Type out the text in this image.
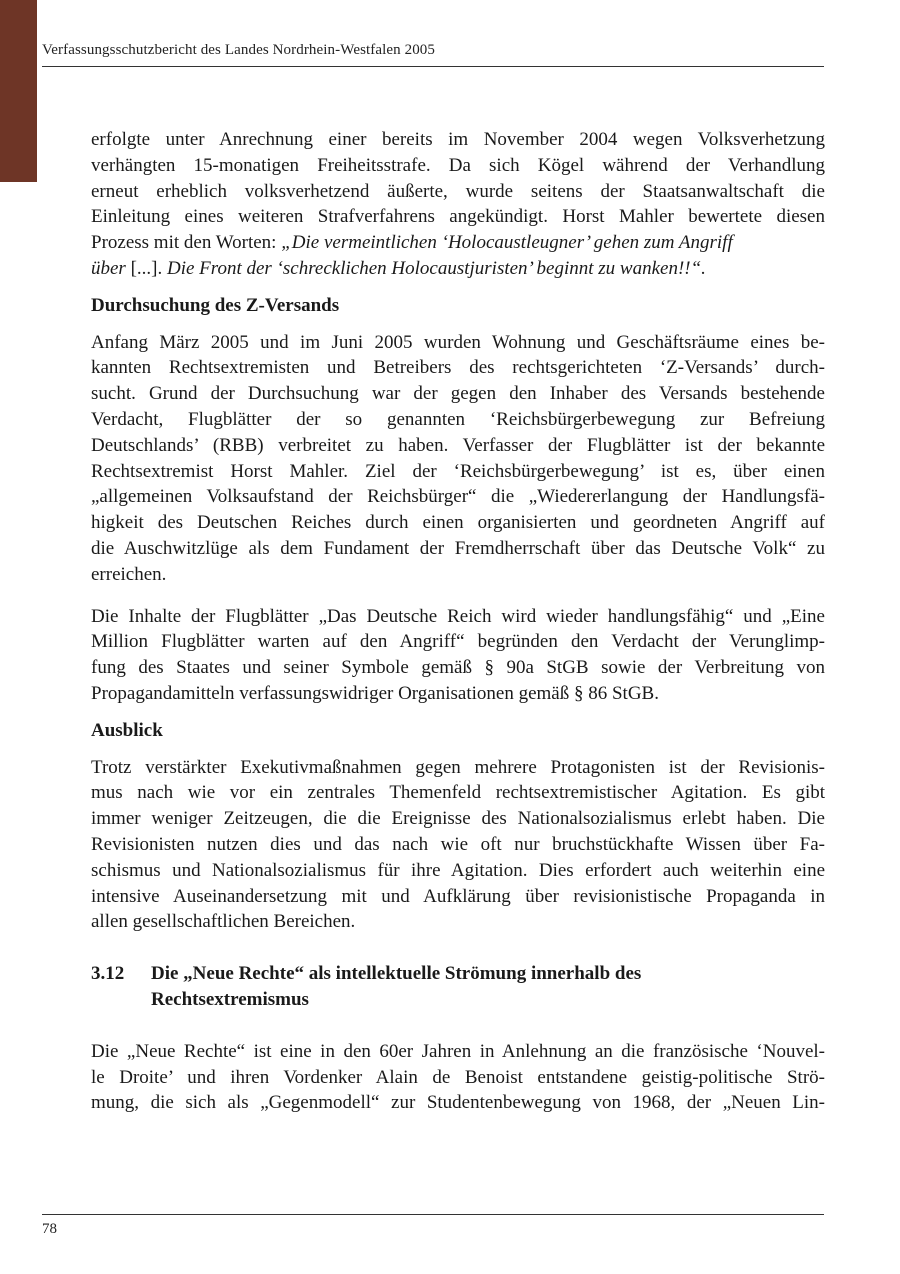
Verfassungsschutzbericht des Landes Nordrhein-Westfalen 2005

erfolgte unter Anrechnung einer bereits im November 2004 wegen Volksverhetzung
verhängten 15-monatigen Freiheitsstrafe. Da sich Kögel während der Verhandlung
erneut erheblich volksverhetzend äußerte, wurde seitens der Staatsanwaltschaft die
Einleitung eines weiteren Strafverfahrens angekündigt. Horst Mahler bewertete diesen
Prozess mit den Worten: „Die vermeintlichen ‘Holocaustleugner’ gehen zum Angriff
über [...]. Die Front der ‘schrecklichen Holocaustjuristen’ beginnt zu wanken!!“.

Durchsuchung des Z-Versands

Anfang März 2005 und im Juni 2005 wurden Wohnung und Geschäftsräume eines be-
kannten Rechtsextremisten und Betreibers des rechtsgerichteten ‘Z-Versands’ durch-
sucht. Grund der Durchsuchung war der gegen den Inhaber des Versands bestehende
Verdacht, Flugblätter der so genannten ‘Reichsbürgerbewegung zur Befreiung
Deutschlands’ (RBB) verbreitet zu haben. Verfasser der Flugblätter ist der bekannte
Rechtsextremist Horst Mahler. Ziel der ‘Reichsbürgerbewegung’ ist es, über einen
„allgemeinen Volksaufstand der Reichsbürger“ die „Wiedererlangung der Handlungsfä-
higkeit des Deutschen Reiches durch einen organisierten und geordneten Angriff auf
die Auschwitzlüge als dem Fundament der Fremdherrschaft über das Deutsche Volk“ zu
erreichen.

Die Inhalte der Flugblätter „Das Deutsche Reich wird wieder handlungsfähig“ und „Eine
Million Flugblätter warten auf den Angriff“ begründen den Verdacht der Verunglimp-
fung des Staates und seiner Symbole gemäß § 90a StGB sowie der Verbreitung von
Propagandamitteln verfassungswidriger Organisationen gemäß § 86 StGB.

Ausblick

Trotz verstärkter Exekutivmaßnahmen gegen mehrere Protagonisten ist der Revisionis-
mus nach wie vor ein zentrales Themenfeld rechtsextremistischer Agitation. Es gibt
immer weniger Zeitzeugen, die die Ereignisse des Nationalsozialismus erlebt haben. Die
Revisionisten nutzen dies und das nach wie oft nur bruchstückhafte Wissen über Fa-
schismus und Nationalsozialismus für ihre Agitation. Dies erfordert auch weiterhin eine
intensive Auseinandersetzung mit und Aufklärung über revisionistische Propaganda in
allen gesellschaftlichen Bereichen.

3.12	Die „Neue Rechte“ als intellektuelle Strömung innerhalb des
Rechtsextremismus

Die „Neue Rechte“ ist eine in den 60er Jahren in Anlehnung an die französische ‘Nouvel-
le Droite’ und ihren Vordenker Alain de Benoist entstandene geistig-politische Strö-
mung, die sich als „Gegenmodell“ zur Studentenbewegung von 1968, der „Neuen Lin-

78
